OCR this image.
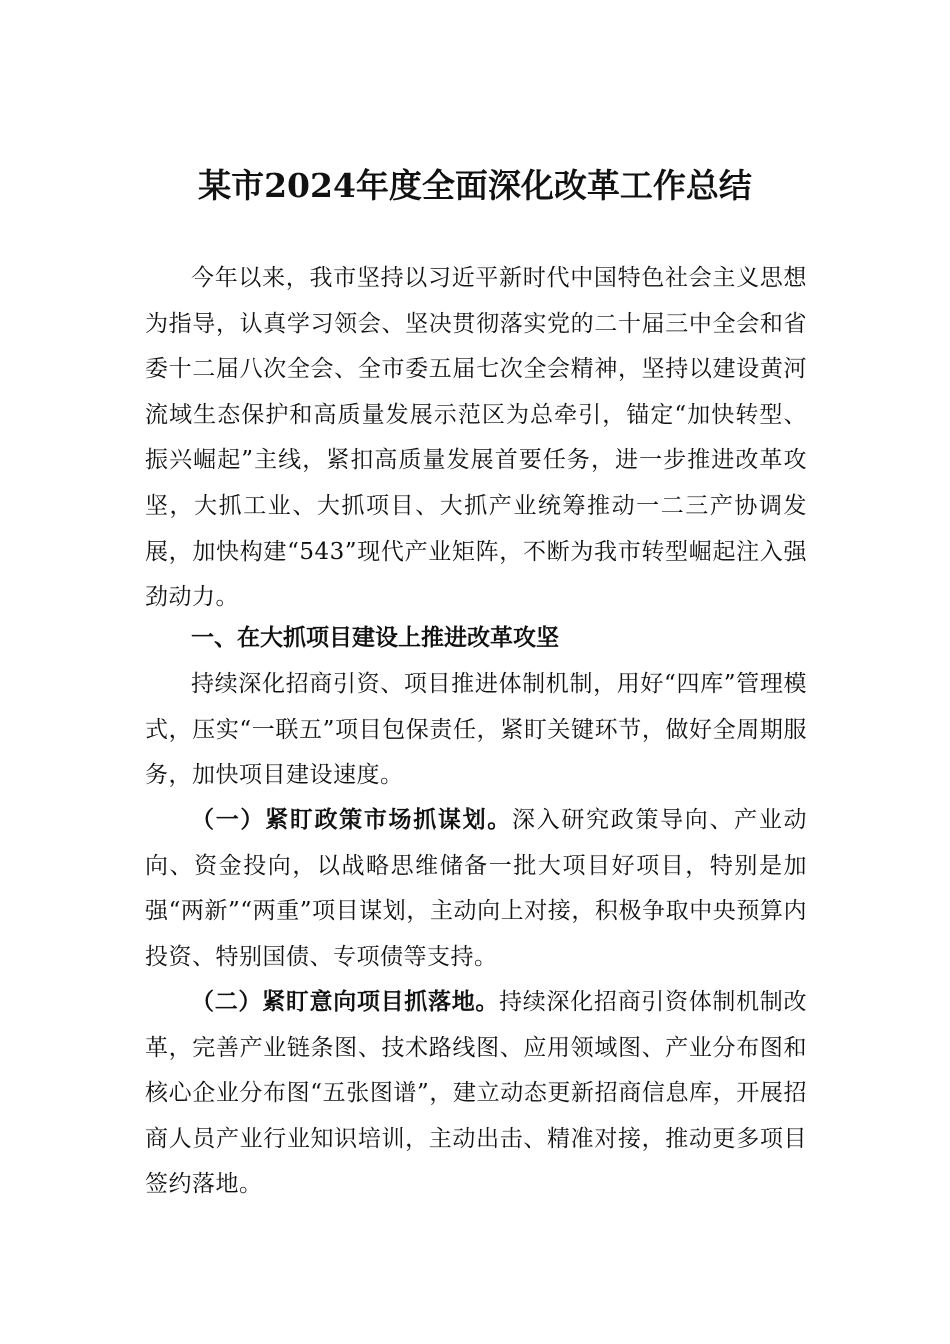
某市2024年度全面深化改革工作总结

今年以来，我市坚持以习近平新时代中国特色社会主义思想为指导，认真学习领会、坚决贯彻落实党的二十届三中全会和省委十二届八次全会、全市委五届七次全会精神，坚持以建设黄河流域生态保护和高质量发展示范区为总牵引，锚定“加快转型、振兴崛起”主线，紧扣高质量发展首要任务，进一步推进改革攻坚，大抓工业、大抓项目、大抓产业统筹推动一二三产协调发展，加快构建“543”现代产业矩阵，不断为我市转型崛起注入强劲动力。

一、在大抓项目建设上推进改革攻坚

持续深化招商引资、项目推进体制机制，用好“四库”管理模式，压实“一联五”项目包保责任，紧盯关键环节，做好全周期服务，加快项目建设速度。

（一）紧盯政策市场抓谋划。深入研究政策导向、产业动向、资金投向，以战略思维储备一批大项目好项目，特别是加强“两新”“两重”项目谋划，主动向上对接，积极争取中央预算内投资、特别国债、专项债等支持。

（二）紧盯意向项目抓落地。持续深化招商引资体制机制改革，完善产业链条图、技术路线图、应用领域图、产业分布图和核心企业分布图“五张图谱”，建立动态更新招商信息库，开展招商人员产业行业知识培训，主动出击、精准对接，推动更多项目签约落地。
